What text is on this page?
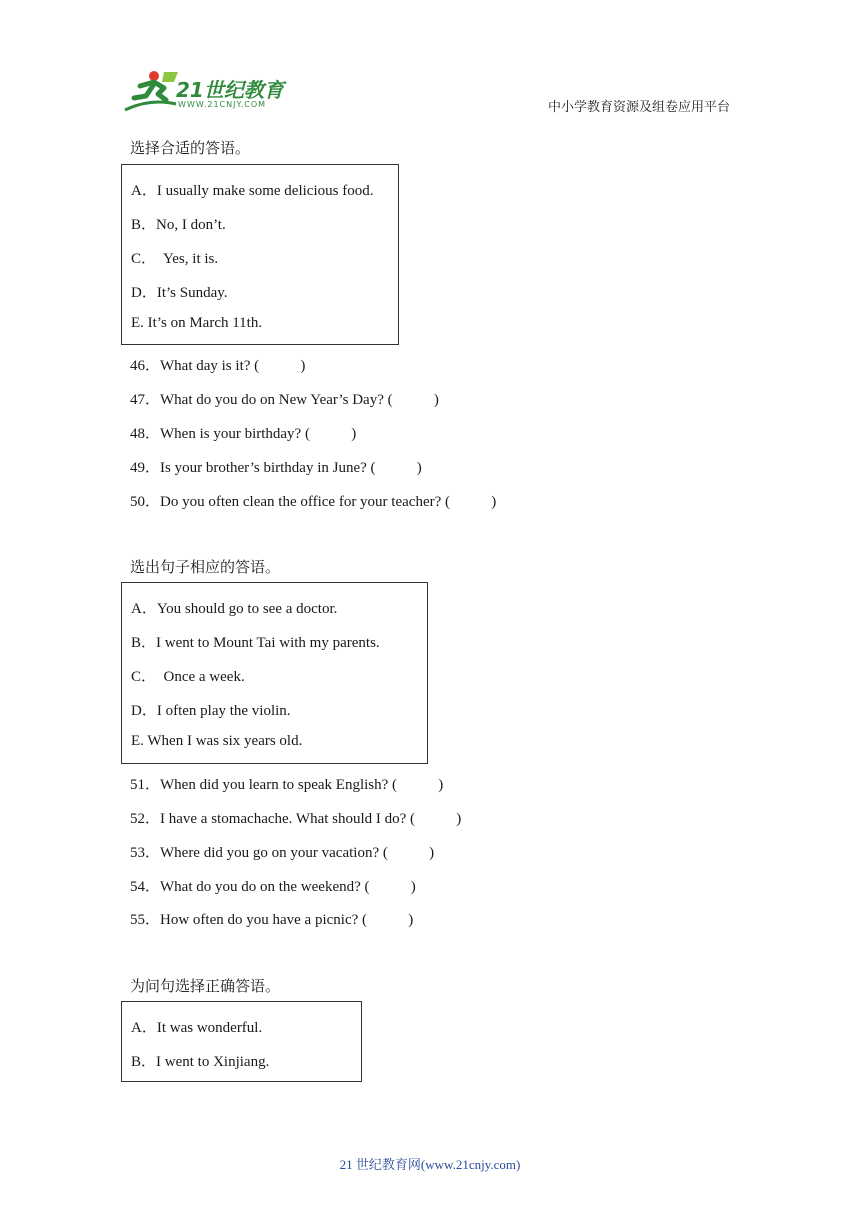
21世纪教育
WWW.21CNJY.COM	中小学教育资源及组卷应用平台
选择合适的答语。
A．I usually make some delicious food.
B．No, I don’t.
C．  Yes, it is.
D．It’s Sunday.
E. It’s on March 11th.
46．What day is it? (           )
47．What do you do on New Year’s Day? (           )
48．When is your birthday? (           )
49．Is your brother’s birthday in June? (           )
50．Do you often clean the office for your teacher? (           )
选出句子相应的答语。
A．You should go to see a doctor.
B．I went to Mount Tai with my parents.
C．  Once a week.
D．I often play the violin.
E. When I was six years old.
51．When did you learn to speak English? (           )
52．I have a stomachache. What should I do? (           )
53．Where did you go on your vacation? (           )
54．What do you do on the weekend? (           )
55．How often do you have a picnic? (           )
为问句选择正确答语。
A．It was wonderful.
B．I went to Xinjiang.
21 世纪教育网(www.21cnjy.com)
